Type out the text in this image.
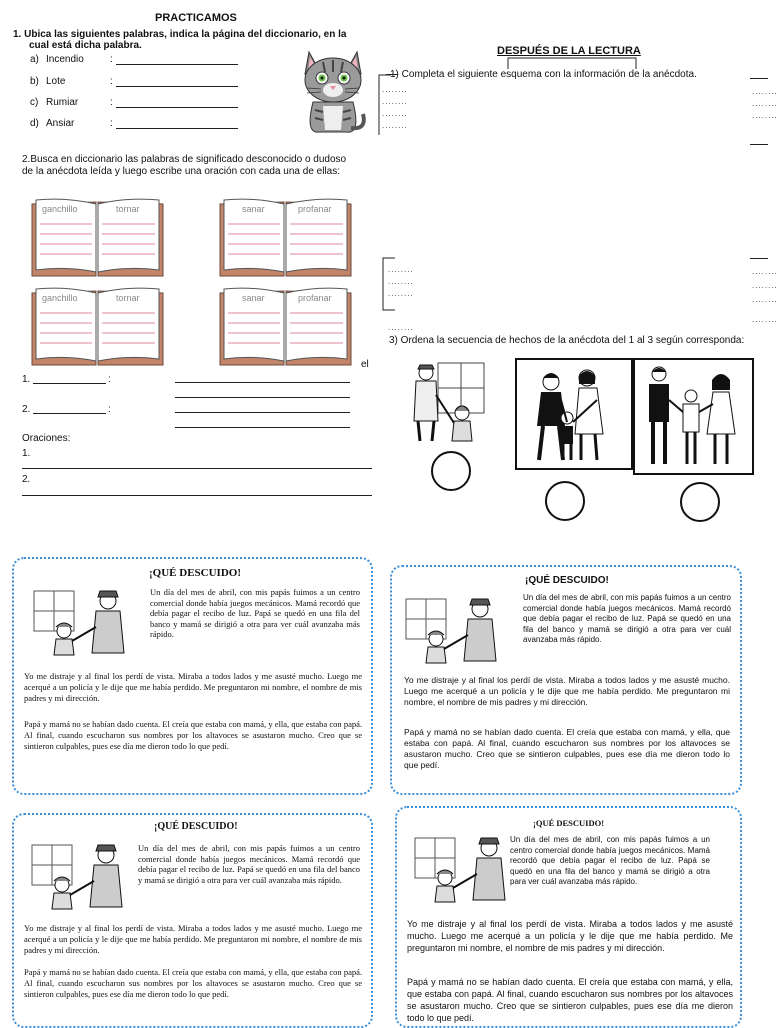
PRACTICAMOS
1. Ubica las siguientes palabras, indica la página del diccionario, en la
cual está dicha palabra.
a) Incendio	:
b) Lote	:
c) Rumiar	:
d) Ansiar	:
2.Busca en diccionario las palabras de significado desconocido o dudoso
de la anécdota leída y luego escribe una oración con cada una de ellas:
ganchillo	tornar	sanar	profanar
ganchillo	tornar	sanar	profanar
el
1.	:
2.	:
Oraciones:
1.
2.
DESPUÉS DE LA LECTURA
1) Completa el siguiente esquema con la información de la anécdota.
........
........
........
........
........
........
........
........
........
........
........
........
........
........
........
3) Ordena la secuencia de hechos de la anécdota del 1 al 3 según corresponda:
¡QUÉ DESCUIDO!

Un día del mes de abril, con mis papás fuimos a un centro comercial donde había juegos mecánicos. Mamá recordó que debía pagar el recibo de luz. Papá se quedó en una fila del banco y mamá se dirigió a otra para ver cuál avanzaba más rápido.

Yo me distraje y al final los perdí de vista. Miraba a todos lados y me asusté mucho. Luego me acerqué a un policía y le dije que me había perdido. Me preguntaron mi nombre, el nombre de mis padres y mi dirección.

Papá y mamá no se habían dado cuenta. El creía que estaba con mamá, y ella, que estaba con papá. Al final, cuando escucharon sus nombres por los altavoces se asustaron mucho. Creo que se sintieron culpables, pues ese día me dieron todo lo que pedí.

¡QUÉ DESCUIDO!

Un día del mes de abril, con mis papás fuimos a un centro comercial donde había juegos mecánicos. Mamá recordó que debía pagar el recibo de luz. Papá se quedó en una fila del banco y mamá se dirigió a otra para ver cuál avanzaba más rápido.

Yo me distraje y al final los perdí de vista. Miraba a todos lados y me asusté mucho. Luego me acerqué a un policía y le dije que me había perdido. Me preguntaron mi nombre, el nombre de mis padres y mi dirección.

Papá y mamá no se habían dado cuenta. El creía que estaba con mamá, y ella, que estaba con papá. Al final, cuando escucharon sus nombres por los altavoces se asustaron mucho. Creo que se sintieron culpables, pues ese día me dieron todo lo que pedí.

¡QUÉ DESCUIDO!

Un día del mes de abril, con mis papás fuimos a un centro comercial donde había juegos mecánicos. Mamá recordó que debía pagar el recibo de luz. Papá se quedó en una fila del banco y mamá se dirigió a otra para ver cuál avanzaba más rápido.

Yo me distraje y al final los perdí de vista. Miraba a todos lados y me asusté mucho. Luego me acerqué a un policía y le dije que me había perdido. Me preguntaron mi nombre, el nombre de mis padres y mi dirección.

Papá y mamá no se habían dado cuenta. El creía que estaba con mamá, y ella, que estaba con papá. Al final, cuando escucharon sus nombres por los altavoces se asustaron mucho. Creo que se sintieron culpables, pues ese día me dieron todo lo que pedí.

¡QUÉ DESCUIDO!

Un día del mes de abril, con mis papás fuimos a un centro comercial donde había juegos mecánicos. Mamá recordó que debía pagar el recibo de luz. Papá se quedó en una fila del banco y mamá se dirigió a otra para ver cuál avanzaba más rápido.

Yo me distraje y al final los perdí de vista. Miraba a todos lados y me asusté mucho. Luego me acerqué a un policía y le dije que me había perdido. Me preguntaron mi nombre, el nombre de mis padres y mi dirección.

Papá y mamá no se habían dado cuenta. El creía que estaba con mamá, y ella, que estaba con papá. Al final, cuando escucharon sus nombres por los altavoces se asustaron mucho. Creo que se sintieron culpables, pues ese día me dieron todo lo que pedí.
